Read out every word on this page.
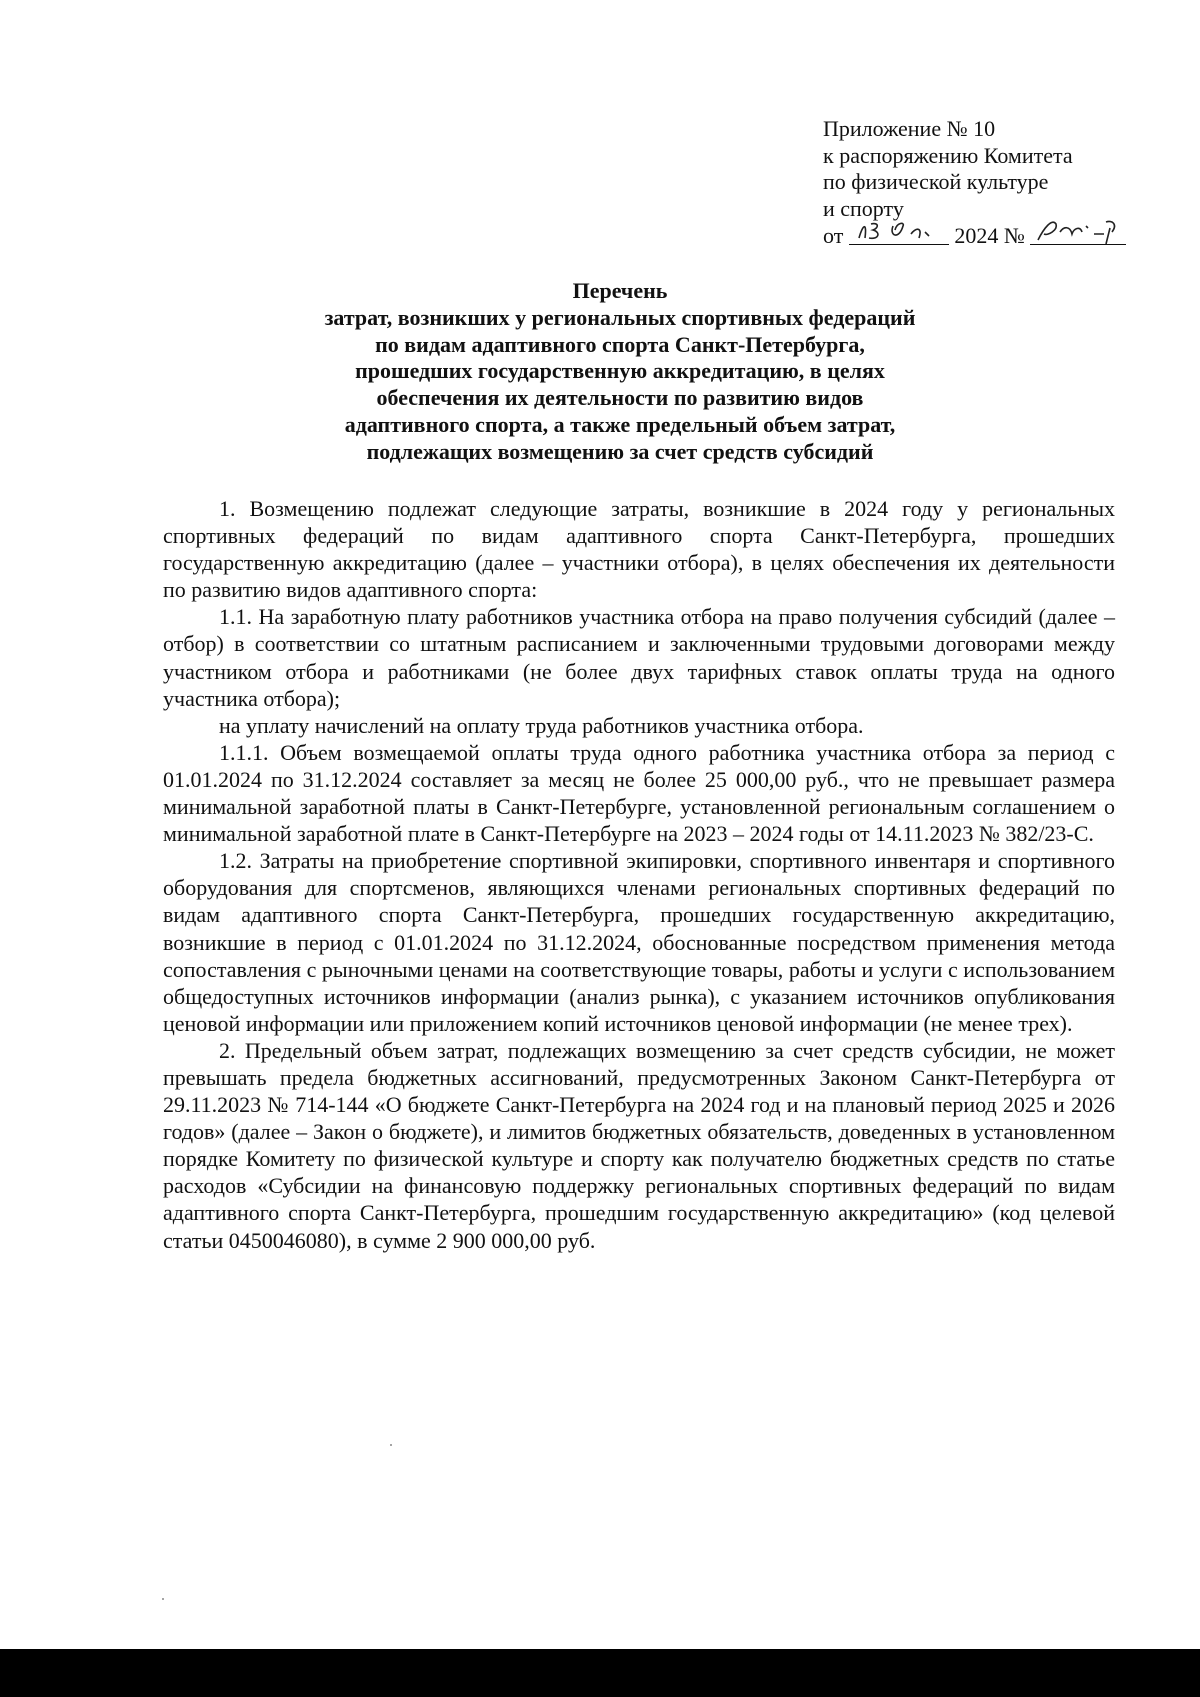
Приложение № 10
к распоряжению Комитета
по физической культуре
и спорту
от	2024 №
Перечень
затрат, возникших у региональных спортивных федераций
по видам адаптивного спорта Санкт-Петербурга,
прошедших государственную аккредитацию, в целях
обеспечения их деятельности по развитию видов
адаптивного спорта, а также предельный объем затрат,
подлежащих возмещению за счет средств субсидий

1. Возмещению подлежат следующие затраты, возникшие в 2024 году у региональных спортивных федераций по видам адаптивного спорта Санкт-Петербурга, прошедших государственную аккредитацию (далее – участники отбора), в целях обеспечения их деятельности по развитию видов адаптивного спорта:

1.1. На заработную плату работников участника отбора на право получения субсидий (далее – отбор) в соответствии со штатным расписанием и заключенными трудовыми договорами между участником отбора и работниками (не более двух тарифных ставок оплаты труда на одного участника отбора);

на уплату начислений на оплату труда работников участника отбора.

1.1.1. Объем возмещаемой оплаты труда одного работника участника отбора за период с 01.01.2024 по 31.12.2024 составляет за месяц не более 25 000,00 руб., что не превышает размера минимальной заработной платы в Санкт-Петербурге, установленной региональным соглашением о минимальной заработной плате в Санкт-Петербурге на 2023 – 2024 годы от 14.11.2023 № 382/23-С.

1.2. Затраты на приобретение спортивной экипировки, спортивного инвентаря и спортивного оборудования для спортсменов, являющихся членами региональных спортивных федераций по видам адаптивного спорта Санкт-Петербурга, прошедших государственную аккредитацию, возникшие в период с 01.01.2024 по 31.12.2024, обоснованные посредством применения метода сопоставления с рыночными ценами на соответствующие товары, работы и услуги с использованием общедоступных источников информации (анализ рынка), с указанием источников опубликования ценовой информации или приложением копий источников ценовой информации (не менее трех).

2. Предельный объем затрат, подлежащих возмещению за счет средств субсидии, не может превышать предела бюджетных ассигнований, предусмотренных Законом Санкт-Петербурга от 29.11.2023 № 714-144 «О бюджете Санкт-Петербурга на 2024 год и на плановый период 2025 и 2026 годов» (далее – Закон о бюджете), и лимитов бюджетных обязательств, доведенных в установленном порядке Комитету по физической культуре и спорту как получателю бюджетных средств по статье расходов «Субсидии на финансовую поддержку региональных спортивных федераций по видам адаптивного спорта Санкт-Петербурга, прошедшим государственную аккредитацию» (код целевой статьи 0450046080), в сумме 2 900 000,00 руб.
